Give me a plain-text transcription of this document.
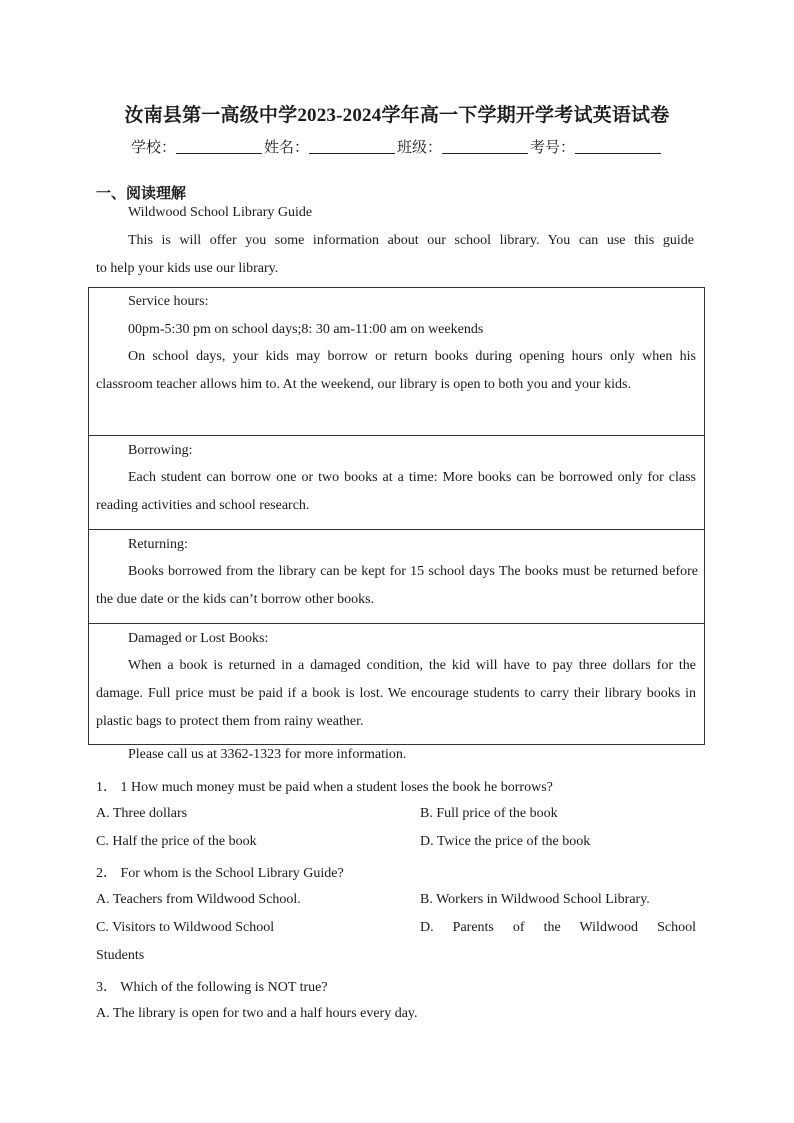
汝南县第一高级中学2023-2024学年高一下学期开学考试英语试卷
学校：	姓名：	班级：	考号：
一、阅读理解
Wildwood School Library Guide
This is will offer you some information about our school library. You can use this guide
to help your kids use our library.
Service hours:
00pm-5:30 pm on school days;8: 30 am-11:00 am on weekends
On school days, your kids may borrow or return books during opening hours only when his classroom teacher allows him to. At the weekend, our library is open to both you and your kids.
Borrowing:
Each student can borrow one or two books at a time: More books can be borrowed only for class reading activities and school research.
Returning:
Books borrowed from the library can be kept for 15 school days The books must be returned before the due date or the kids can’t borrow other books.
Damaged or Lost Books:
When a book is returned in a damaged condition, the kid will have to pay three dollars for the damage. Full price must be paid if a book is lost. We encourage students to carry their library books in plastic bags to protect them from rainy weather.
Please call us at 3362-1323 for more information.
1． 1 How much money must be paid when a student loses the book he borrows?
A. Three dollars	B. Full price of the book
C. Half the price of the book	D. Twice the price of the book
2． For whom is the School Library Guide?
A. Teachers from Wildwood School.	B. Workers in Wildwood School Library.
C. Visitors to Wildwood School	D. Parents of the Wildwood School
Students
3． Which of the following is NOT true?
A. The library is open for two and a half hours every day.
